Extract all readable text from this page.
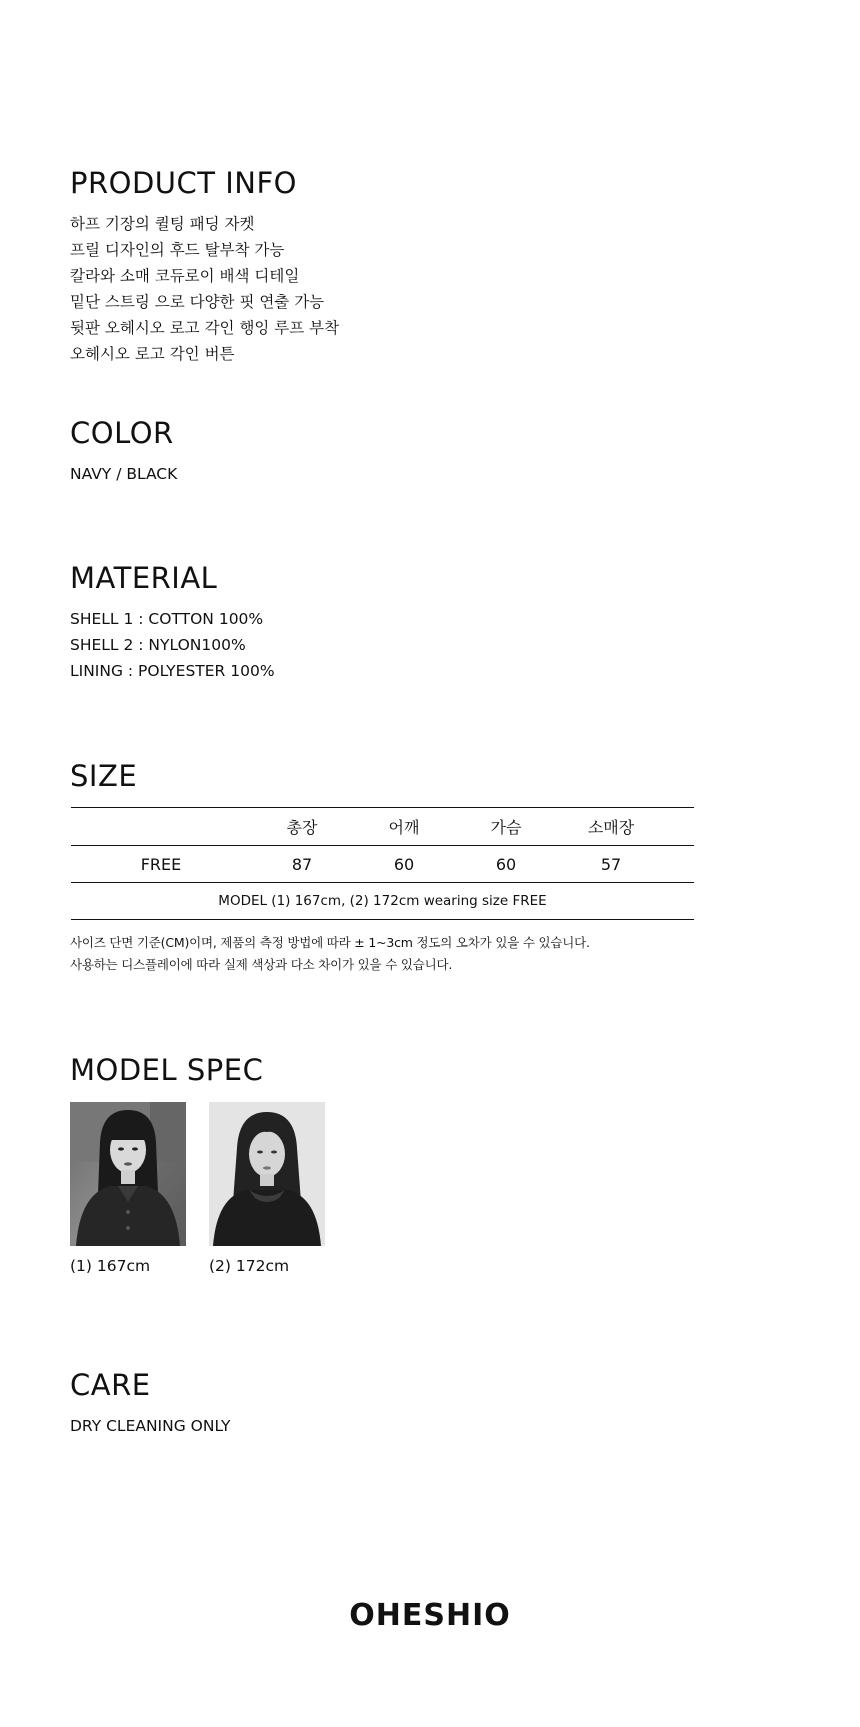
PRODUCT INFO
하프 기장의 퀼팅 패딩 자켓
프릴 디자인의 후드 탈부착 가능
칼라와 소매 코듀로이 배색 디테일
밑단 스트링 으로 다양한 핏 연출 가능
뒷판 오헤시오 로고 각인 행잉 루프 부착
오헤시오 로고 각인 버튼
COLOR
NAVY / BLACK
MATERIAL
SHELL 1 : COTTON 100%
SHELL 2 : NYLON100%
LINING : POLYESTER 100%
SIZE
	총장	어깨	가슴	소매장	
FREE	87	60	60	57	
MODEL (1) 167cm, (2) 172cm wearing size FREE					
사이즈 단면 기준(CM)이며, 제품의 측정 방법에 따라 ± 1~3cm 정도의 오차가 있을 수 있습니다.
사용하는 디스플레이에 따라 실제 색상과 다소 차이가 있을 수 있습니다.
MODEL SPEC
(1) 167cm	(2) 172cm
CARE
DRY CLEANING ONLY
OHESHIO
